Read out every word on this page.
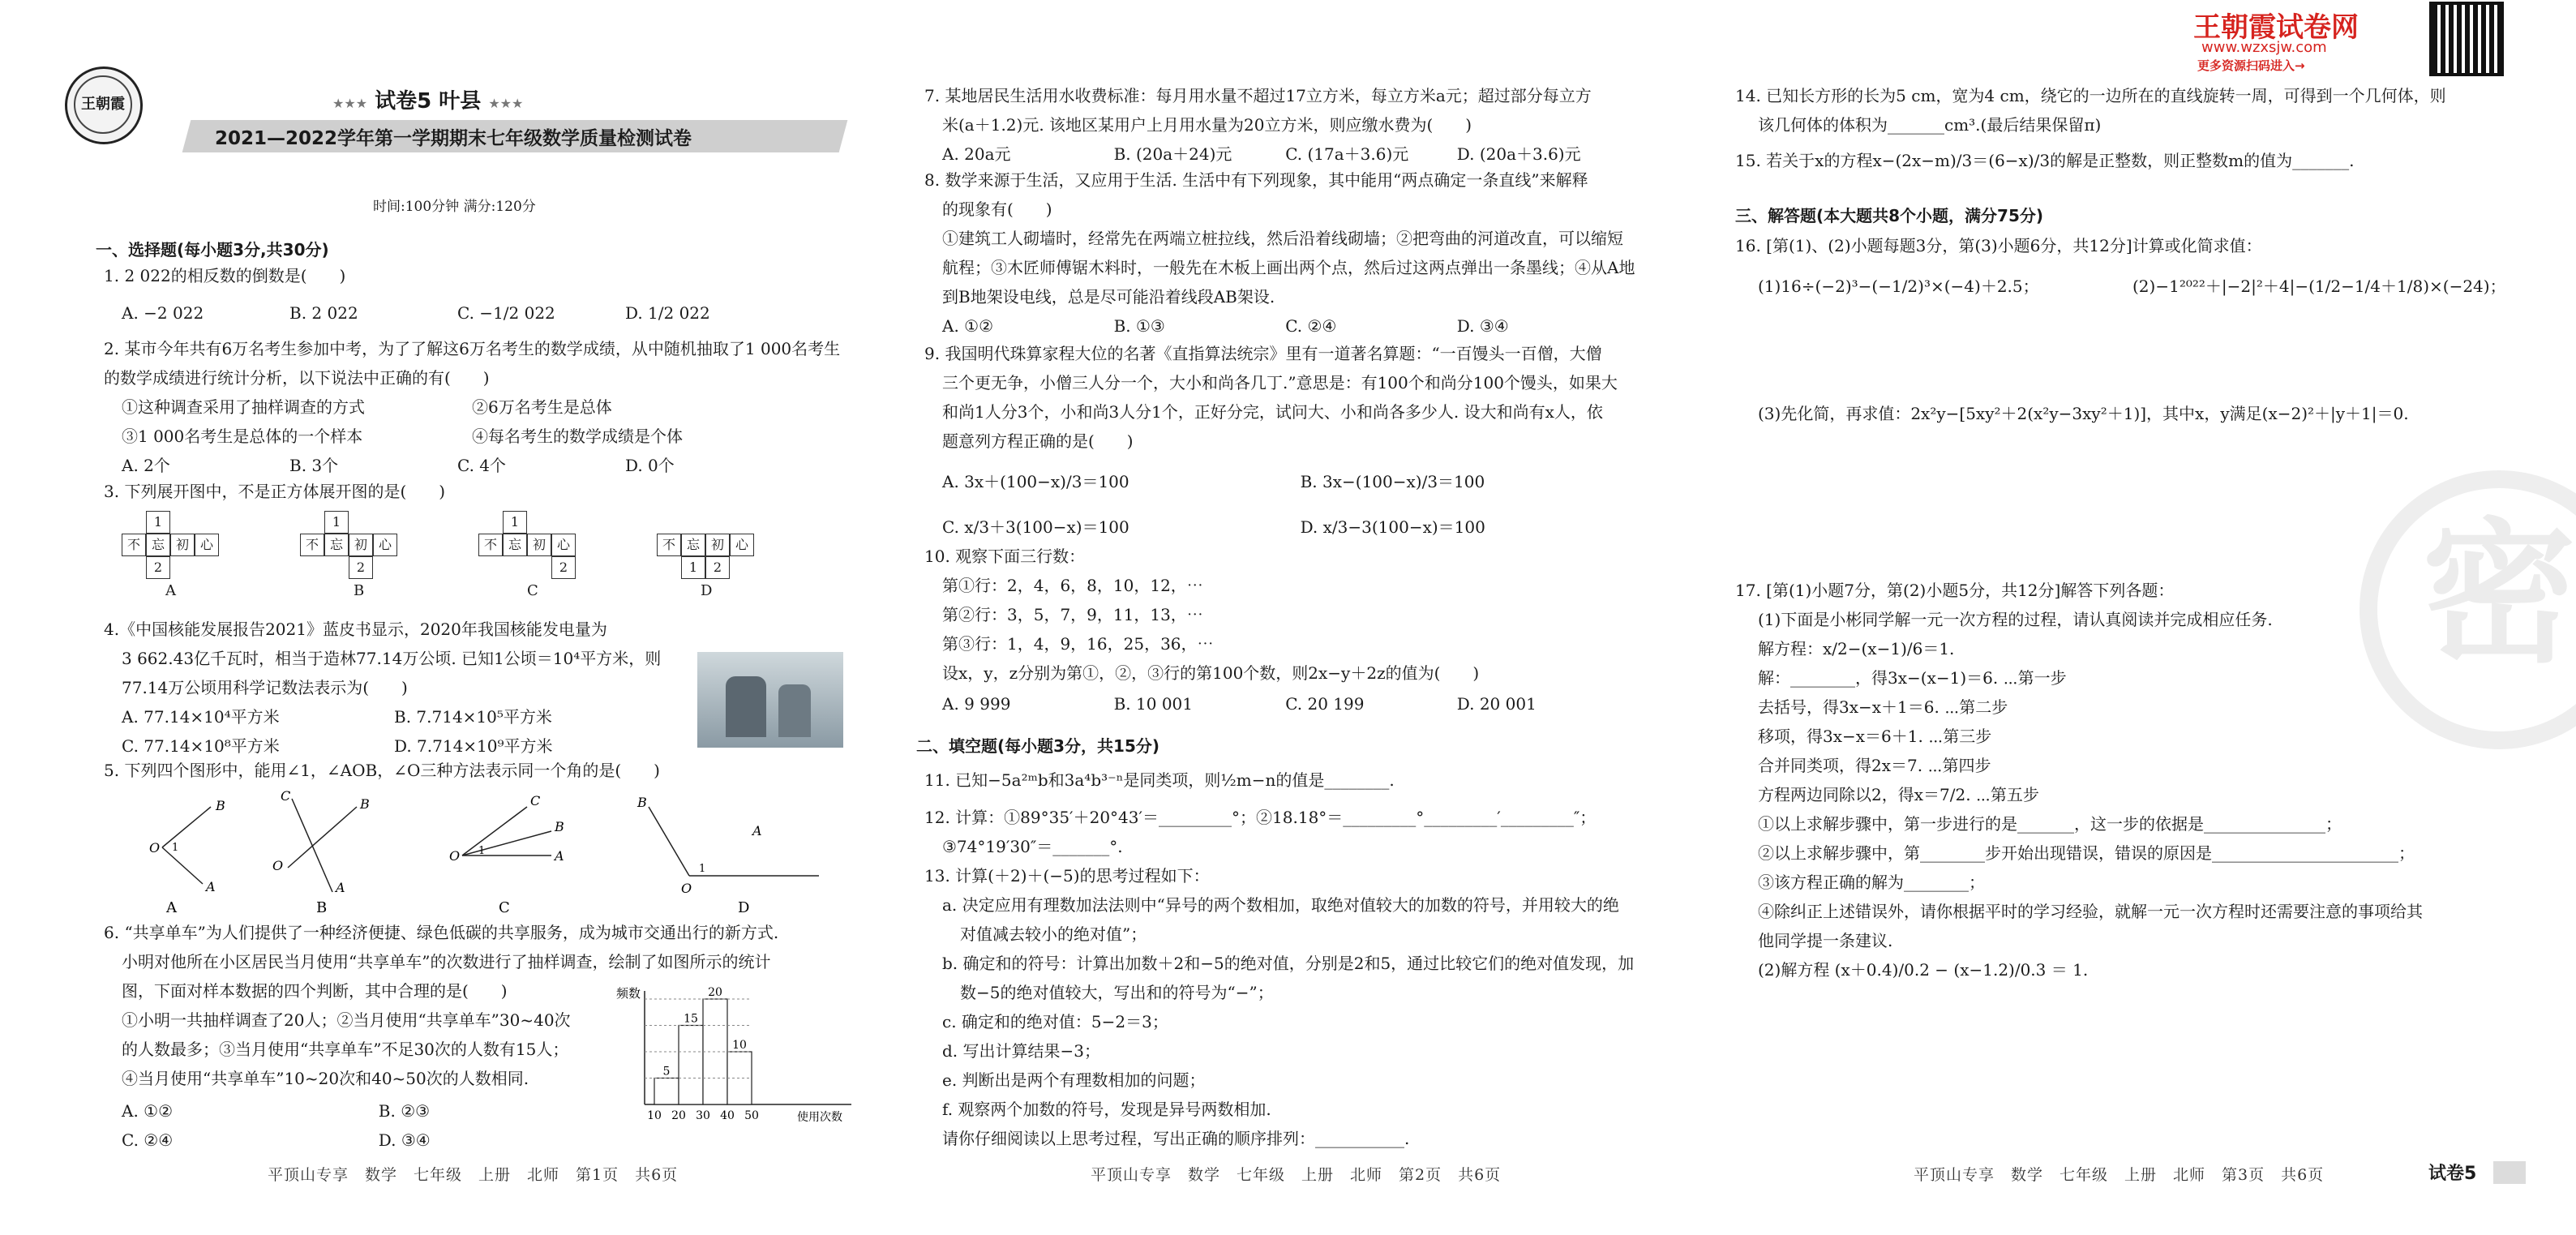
王朝霞	★★★ 试卷5 叶县 ★★★
2021—2022学年第一学期期末七年级数学质量检测试卷
时间:100分钟 满分:120分
一、选择题(每小题3分,共30分)
1. 2 022的相反数的倒数是(　　)
A. −2 022	B. 2 022	C. −1/2 022	D. 1/2 022
2. 某市今年共有6万名考生参加中考，为了了解这6万名考生的数学成绩，从中随机抽取了1 000名考生的数学成绩进行统计分析，以下说法中正确的有(　　)
①这种调查采用了抽样调查的方式	②6万名考生是总体 ③1 000名考生是总体的一个样本	④每名考生的数学成绩是个体
A. 2个	B. 3个	C. 4个	D. 0个
3. 下列展开图中，不是正方体展开图的是(　　)
1
不 忘 初 心
2
A
1
不 忘 初 心
2
B
1
不 忘 初 心
2
C
不 忘 初 心
1	2
D
4.《中国核能发展报告2021》蓝皮书显示，2020年我国核能发电量为
3 662.43亿千瓦时，相当于造林77.14万公顷. 已知1公顷＝10⁴平方米，则
77.14万公顷用科学记数法表示为(　　)
A. 77.14×10⁴平方米	B. 7.714×10⁵平方米 C. 77.14×10⁸平方米	D. 7.714×10⁹平方米
5. 下列四个图形中，能用∠1，∠AOB，∠O三种方法表示同一个角的是(　　)
O
B
A
1
A
C
B
A
O
B
O
C
B
A
1
C
B
O
A
1
D
6. “共享单车”为人们提供了一种经济便捷、绿色低碳的共享服务，成为城市交通出行的新方式.
小明对他所在小区居民当月使用“共享单车”的次数进行了抽样调查，绘制了如图所示的统计
图，下面对样本数据的四个判断，其中合理的是(　　)
①小明一共抽样调查了20人；②当月使用“共享单车”30~40次
的人数最多；③当月使用“共享单车”不足30次的人数有15人；
④当月使用“共享单车”10~20次和40~50次的人数相同.
A. ①②	B. ②③ C. ②④	D. ③④
频数
使用次数
5
15
20
10
10 20 30 40 50
平顶山专享　数学　七年级　上册　北师　第1页　共6页
7. 某地居民生活用水收费标准：每月用水量不超过17立方米，每立方米a元；超过部分每立方
米(a＋1.2)元. 该地区某用户上月用水量为20立方米，则应缴水费为(　　)
A. 20a元	B. (20a＋24)元	C. (17a＋3.6)元	D. (20a＋3.6)元
8. 数学来源于生活，又应用于生活. 生活中有下列现象，其中能用“两点确定一条直线”来解释
的现象有(　　)
①建筑工人砌墙时，经常先在两端立桩拉线，然后沿着线砌墙；②把弯曲的河道改直，可以缩短
航程；③木匠师傅锯木料时，一般先在木板上画出两个点，然后过这两点弹出一条墨线；④从A地
到B地架设电线，总是尽可能沿着线段AB架设.
A. ①②	B. ①③	C. ②④	D. ③④
9. 我国明代珠算家程大位的名著《直指算法统宗》里有一道著名算题：“一百馒头一百僧，大僧
三个更无争，小僧三人分一个，大小和尚各几丁.”意思是：有100个和尚分100个馒头，如果大
和尚1人分3个，小和尚3人分1个，正好分完，试问大、小和尚各多少人. 设大和尚有x人，依
题意列方程正确的是(　　)
A. 3x＋(100−x)/3＝100	B. 3x−(100−x)/3＝100 C. x/3＋3(100−x)＝100	D. x/3−3(100−x)＝100
10. 观察下面三行数：
第①行：2，4，6，8，10，12，⋯
第②行：3，5，7，9，11，13，⋯
第③行：1，4，9，16，25，36，⋯
设x，y，z分别为第①，②，③行的第100个数，则2x−y＋2z的值为(　　)
A. 9 999	B. 10 001	C. 20 199	D. 20 001
二、填空题(每小题3分，共15分)
11. 已知−5a²ᵐb和3a⁴b³⁻ⁿ是同类项，则½m−n的值是________.
12. 计算：①89°35′＋20°43′＝_________°；②18.18°＝_________°_________′_________″；
③74°19′30″＝_______°.
13. 计算(＋2)＋(−5)的思考过程如下：
a. 决定应用有理数加法法则中“异号的两个数相加，取绝对值较大的加数的符号，并用较大的绝
对值减去较小的绝对值”；
b. 确定和的符号：计算出加数＋2和−5的绝对值，分别是2和5，通过比较它们的绝对值发现，加
数−5的绝对值较大，写出和的符号为“−”；
c. 确定和的绝对值：5−2＝3；
d. 写出计算结果−3；
e. 判断出是两个有理数相加的问题；
f. 观察两个加数的符号，发现是异号两数相加.
请你仔细阅读以上思考过程，写出正确的顺序排列：___________.
平顶山专享　数学　七年级　上册　北师　第2页　共6页
王朝霞试卷网
www.wzxsjw.com
更多资源扫码进入→
密
14. 已知长方形的长为5 cm，宽为4 cm，绕它的一边所在的直线旋转一周，可得到一个几何体，则
该几何体的体积为_______cm³.(最后结果保留π)
15. 若关于x的方程x−(2x−m)/3＝(6−x)/3的解是正整数，则正整数m的值为_______.
三、解答题(本大题共8个小题，满分75分)
16. [第(1)、(2)小题每题3分，第(3)小题6分，共12分]计算或化简求值：
(1)16÷(−2)³−(−1/2)³×(−4)＋2.5；	(2)−1²⁰²²＋|−2|²＋4|−(1/2−1/4＋1/8)×(−24)；
(3)先化简，再求值：2x²y−[5xy²＋2(x²y−3xy²＋1)]，其中x，y满足(x−2)²＋|y＋1|＝0.
17. [第(1)小题7分，第(2)小题5分，共12分]解答下列各题：
(1)下面是小彬同学解一元一次方程的过程，请认真阅读并完成相应任务.
解方程：x/2−(x−1)/6＝1.
解：________，得3x−(x−1)＝6. ⋯第一步
去括号，得3x−x＋1＝6. ⋯第二步
移项，得3x−x＝6＋1. ⋯第三步
合并同类项，得2x＝7. ⋯第四步
方程两边同除以2，得x＝7/2. ⋯第五步
①以上求解步骤中，第一步进行的是_______，这一步的依据是_______________；
②以上求解步骤中，第________步开始出现错误，错误的原因是_______________________；
③该方程正确的解为________；
④除纠正上述错误外，请你根据平时的学习经验，就解一元一次方程时还需要注意的事项给其
他同学提一条建议.
(2)解方程 (x＋0.4)/0.2 − (x−1.2)/0.3 ＝ 1.
平顶山专享　数学　七年级　上册　北师　第3页　共6页	试卷5
